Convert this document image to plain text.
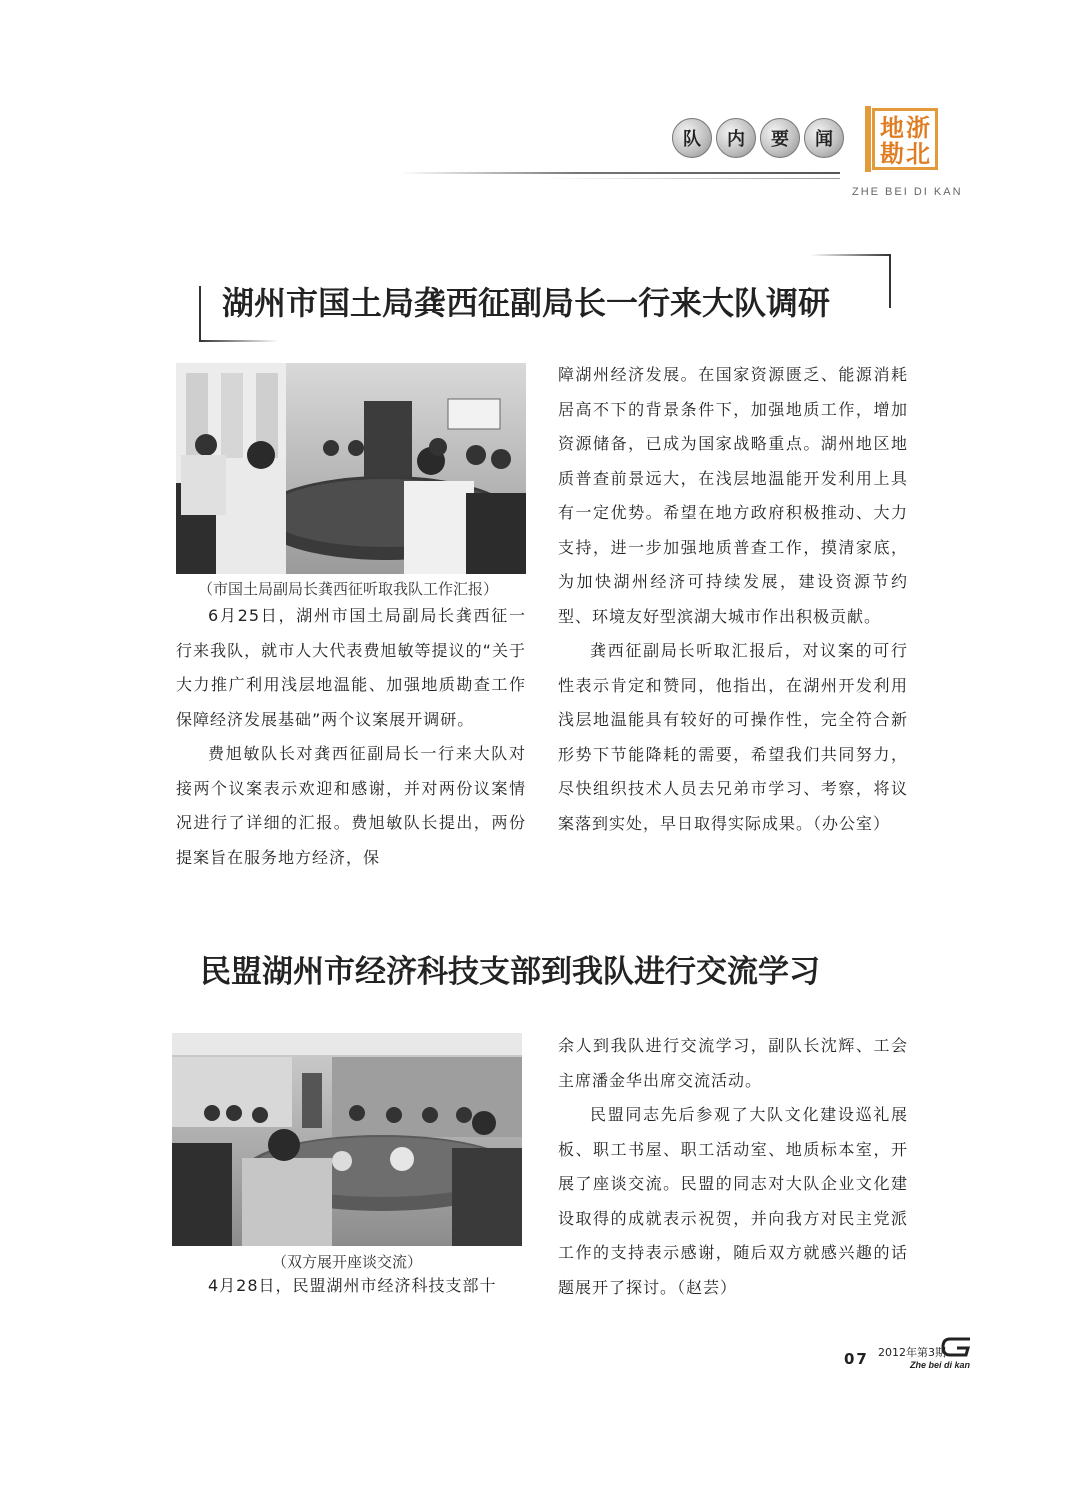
队	内	要	闻	地 浙
勘 北
ZHE BEI DI KAN
湖州市国土局龚西征副局长一行来大队调研
（市国土局副局长龚西征听取我队工作汇报）

6月25日，湖州市国土局副局长龚西征一行来我队，就市人大代表费旭敏等提议的“关于大力推广利用浅层地温能、加强地质勘查工作保障经济发展基础”两个议案展开调研。

费旭敏队长对龚西征副局长一行来大队对接两个议案表示欢迎和感谢，并对两份议案情况进行了详细的汇报。费旭敏队长提出，两份提案旨在服务地方经济，保

障湖州经济发展。在国家资源匮乏、能源消耗居高不下的背景条件下，加强地质工作，增加资源储备，已成为国家战略重点。湖州地区地质普查前景远大，在浅层地温能开发利用上具有一定优势。希望在地方政府积极推动、大力支持，进一步加强地质普查工作，摸清家底，为加快湖州经济可持续发展，建设资源节约型、环境友好型滨湖大城市作出积极贡献。

龚西征副局长听取汇报后，对议案的可行性表示肯定和赞同，他指出，在湖州开发利用浅层地温能具有较好的可操作性，完全符合新形势下节能降耗的需要，希望我们共同努力，尽快组织技术人员去兄弟市学习、考察，将议案落到实处，早日取得实际成果。（办公室）

民盟湖州市经济科技支部到我队进行交流学习
（双方展开座谈交流）

4月28日，民盟湖州市经济科技支部十

余人到我队进行交流学习，副队长沈辉、工会主席潘金华出席交流活动。

民盟同志先后参观了大队文化建设巡礼展板、职工书屋、职工活动室、地质标本室，开展了座谈交流。民盟的同志对大队企业文化建设取得的成就表示祝贺，并向我方对民主党派工作的支持表示感谢，随后双方就感兴趣的话题展开了探讨。（赵芸）

07 2012年第3期
Zhe bei di kan
